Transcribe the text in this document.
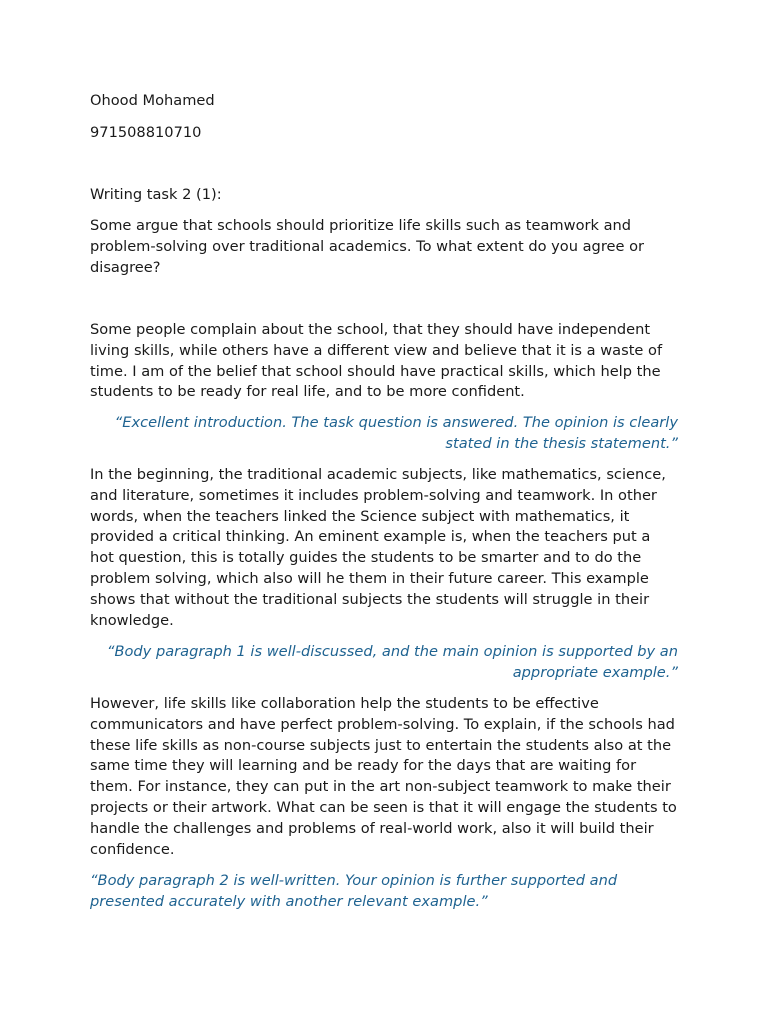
Ohood Mohamed

971508810710

Writing task 2 (1):

Some argue that schools should prioritize life skills such as teamwork and problem-solving over traditional academics. To what extent do you agree or disagree?

Some people complain about the school, that they should have independent living skills, while others have a different view and believe that it is a waste of time. I am of the belief that school should have practical skills, which help the students to be ready for real life, and to be more confident.

“Excellent introduction. The task question is answered. The opinion is clearly stated in the thesis statement.”

In the beginning, the traditional academic subjects, like mathematics, science, and literature, sometimes it includes problem-solving and teamwork. In other words, when the teachers linked the Science subject with mathematics, it provided a critical thinking. An eminent example is, when the teachers put a hot question, this is totally guides the students to be smarter and to do the problem solving, which also will he them in their future career. This example shows that without the traditional subjects the students will struggle in their knowledge.

“Body paragraph 1 is well-discussed, and the main opinion is supported by an appropriate example.”

However, life skills like collaboration help the students to be effective communicators and have perfect problem-solving. To explain, if the schools had these life skills as non-course subjects just to entertain the students also at the same time they will learning and be ready for the days that are waiting for them. For instance, they can put in the art non-subject teamwork to make their projects or their artwork. What can be seen is that it will engage the students to handle the challenges and problems of real-world work, also it will build their confidence.

“Body paragraph 2 is well-written. Your opinion is further supported and presented accurately with another relevant example.”
